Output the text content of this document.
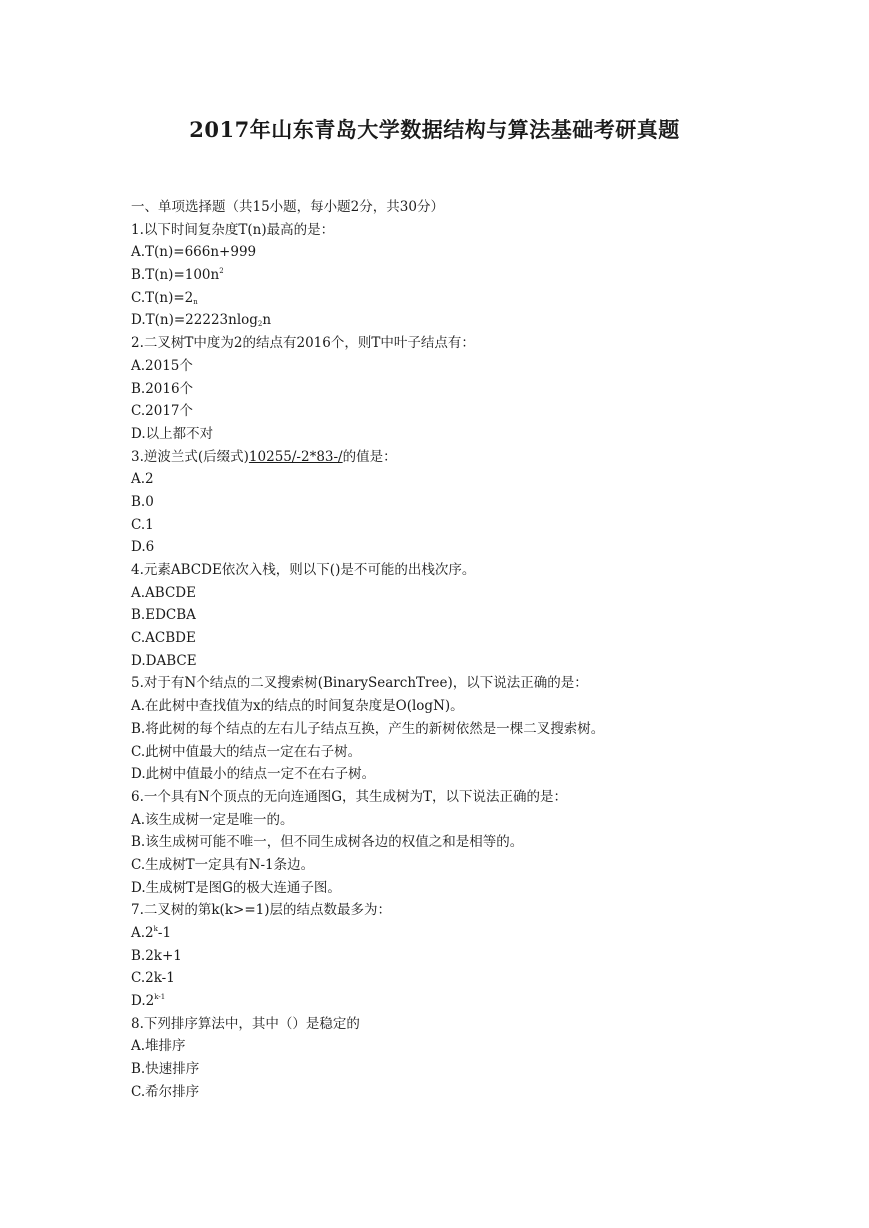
2017年山东青岛大学数据结构与算法基础考研真题
一、单项选择题（共15小题，每小题2分，共30分）
1.以下时间复杂度T(n)最高的是：
A.T(n)=666n+999
$B.T(n)=100n^2$
$C.T(n)=2_n$
D.T(n)=22223nlog$_2$n
2.二叉树T中度为2的结点有2016个，则T中叶子结点有：
A.2015个
B.2016个
C.2017个
D.以上都不对
3.逆波兰式(后缀式)10255/-2*83-/的值是：
A.2
B.0
C.1
D.6
4.元素ABCDE依次入栈，则以下()是不可能的出栈次序。
A.ABCDE
B.EDCBA
C.ACBDE
D.DABCE
5.对于有N个结点的二叉搜索树(BinarySearchTree)，以下说法正确的是：
A.在此树中查找值为x的结点的时间复杂度是O(logN)。
B.将此树的每个结点的左右儿子结点互换，产生的新树依然是一棵二叉搜索树。
C.此树中值最大的结点一定在右子树。
D.此树中值最小的结点一定不在右子树。
6.一个具有N个顶点的无向连通图G，其生成树为T，以下说法正确的是：
A.该生成树一定是唯一的。
B.该生成树可能不唯一，但不同生成树各边的权值之和是相等的。
C.生成树T一定具有N-1条边。
D.生成树T是图G的极大连通子图。
7.二叉树的第k(k>=1)层的结点数最多为：
A.2$^k$-1
B.2k+1
C.2k-1
D.2$^{k-1}$
8.下列排序算法中，其中（）是稳定的
A.堆排序
B.快速排序
C.希尔排序
